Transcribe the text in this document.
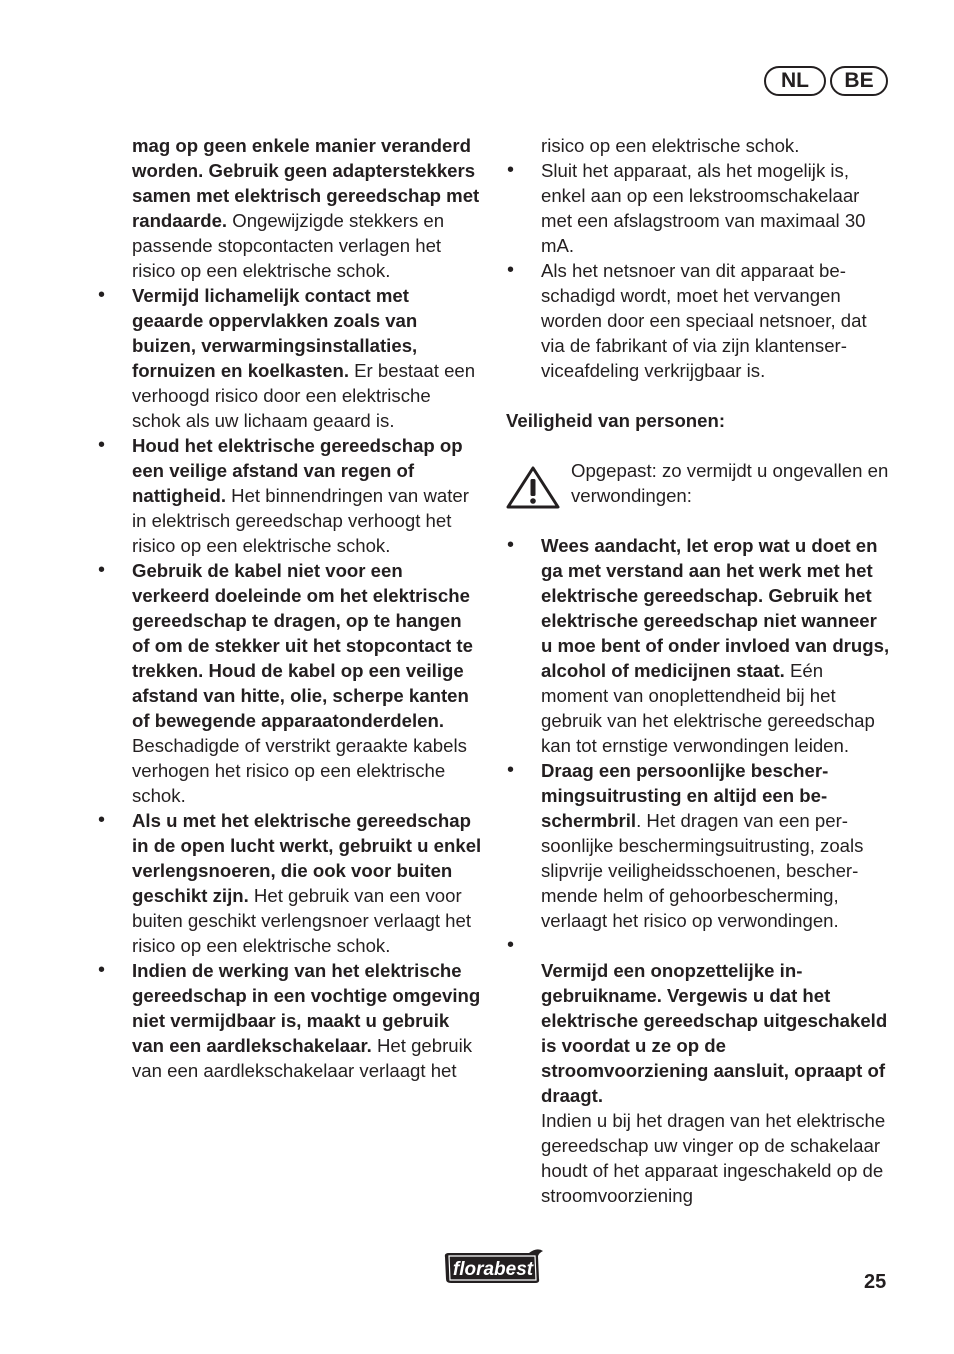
NL	BE
mag op geen enkele manier veranderd worden. Gebruik geen adapterstekkers samen met elektrisch gereedschap met randaarde. Ongewijzigde stekkers en passende stopcontacten verlagen het risico op een elektrische schok.
• Vermijd lichamelijk contact met geaarde oppervlakken zoals van buizen, verwarmingsinstallaties, fornuizen en koelkasten. Er bestaat een verhoogd risico door een elektrische schok als uw lichaam geaard is.
• Houd het elektrische gereedschap op een veilige afstand van regen of nattigheid. Het binnendringen van water in elektrisch gereedschap verhoogt het risico op een elektrische schok.
• Gebruik de kabel niet voor een verkeerd doeleinde om het elektrische gereedschap te dragen, op te hangen of om de stekker uit het stopcontact te trekken. Houd de kabel op een veilige afstand van hitte, olie, scherpe kanten of bewegende apparaatonderdelen. Beschadigde of verstrikt geraakte kabels verhogen het risico op een elektrische schok.
• Als u met het elektrische gereedschap in de open lucht werkt, gebruikt u enkel verlengsnoeren, die ook voor buiten geschikt zijn. Het gebruik van een voor buiten geschikt verlengsnoer verlaagt het risico op een elektrische schok.
• Indien de werking van het elektrische gereedschap in een vochtige omgeving niet vermijdbaar is, maakt u gebruik van een aardlekschakelaar. Het gebruik van een aardlekschakelaar verlaagt het
risico op een elektrische schok.
• Sluit het apparaat, als het mogelijk is, enkel aan op een lekstroomschakelaar met een afslagstroom van maximaal 30 mA.
• Als het netsnoer van dit apparaat beschadigd wordt, moet het vervangen worden door een speciaal netsnoer, dat via de fabrikant of via zijn klantenserviceafdeling verkrijgbaar is.
Veiligheid van personen:
Opgepast: zo vermijdt u ongevallen en verwondingen:
• Wees aandacht, let erop wat u doet en ga met verstand aan het werk met het elektrische gereedschap. Gebruik het elektrische gereedschap niet wanneer u moe bent of onder invloed van drugs, alcohol of medicijnen staat. Eén moment van onoplettendheid bij het gebruik van het elektrische gereedschap kan tot ernstige verwondingen leiden.
• Draag een persoonlijke beschermingsuitrusting en altijd een beschermbril. Het dragen van een persoonlijke beschermingsuitrusting, zoals slipvrije veiligheidsschoenen, beschermende helm of gehoorbescherming, verlaagt het risico op verwondingen.

• Vermijd een onopzettelijke ingebruikname. Vergewis u dat het elektrische gereedschap uitgeschakeld is voordat u ze op de stroomvoorziening aansluit, opraapt of draagt.
Indien u bij het dragen van het elektrische gereedschap uw vinger op de schakelaar houdt of het apparaat ingeschakeld op de stroomvoorziening

florabest
25
